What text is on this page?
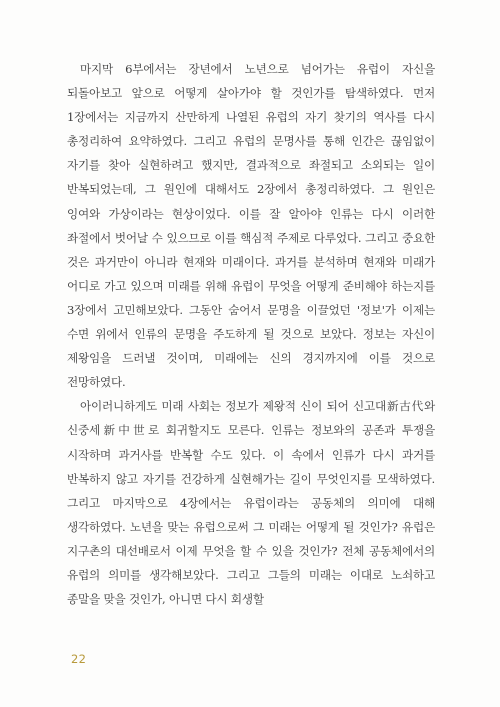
마지막 6부에서는 장년에서 노년으로 넘어가는 유럽이 자신을 되돌아보고 앞으로 어떻게 살아가야 할 것인가를 탐색하였다. 먼저 1장에서는 지금까지 산만하게 나열된 유럽의 자기 찾기의 역사를 다시 총정리하여 요약하였다. 그리고 유럽의 문명사를 통해 인간은 끊임없이 자기를 찾아 실현하려고 했지만, 결과적으로 좌절되고 소외되는 일이 반복되었는데, 그 원인에 대해서도 2장에서 총정리하였다. 그 원인은 잉여와 가상이라는 현상이었다. 이를 잘 알아야 인류는 다시 이러한 좌절에서 벗어날 수 있으므로 이를 핵심적 주제로 다루었다. 그리고 중요한 것은 과거만이 아니라 현재와 미래이다. 과거를 분석하며 현재와 미래가 어디로 가고 있으며 미래를 위해 유럽이 무엇을 어떻게 준비해야 하는지를 3장에서 고민해보았다. 그동안 숨어서 문명을 이끌었던 '정보'가 이제는 수면 위에서 인류의 문명을 주도하게 될 것으로 보았다. 정보는 자신이 제왕임을 드러낼 것이며, 미래에는 신의 경지까지에 이를 것으로 전망하였다.

아이러니하게도 미래 사회는 정보가 제왕적 신이 되어 신고대新古代와 신중세新中世로 회귀할지도 모른다. 인류는 정보와의 공존과 투쟁을 시작하며 과거사를 반복할 수도 있다. 이 속에서 인류가 다시 과거를 반복하지 않고 자기를 건강하게 실현해가는 길이 무엇인지를 모색하였다. 그리고 마지막으로 4장에서는 유럽이라는 공동체의 의미에 대해 생각하였다. 노년을 맞는 유럽으로써 그 미래는 어떻게 될 것인가? 유럽은 지구촌의 대선배로서 이제 무엇을 할 수 있을 것인가? 전체 공동체에서의 유럽의 의미를 생각해보았다. 그리고 그들의 미래는 이대로 노쇠하고 종말을 맞을 것인가, 아니면 다시 회생할

22
